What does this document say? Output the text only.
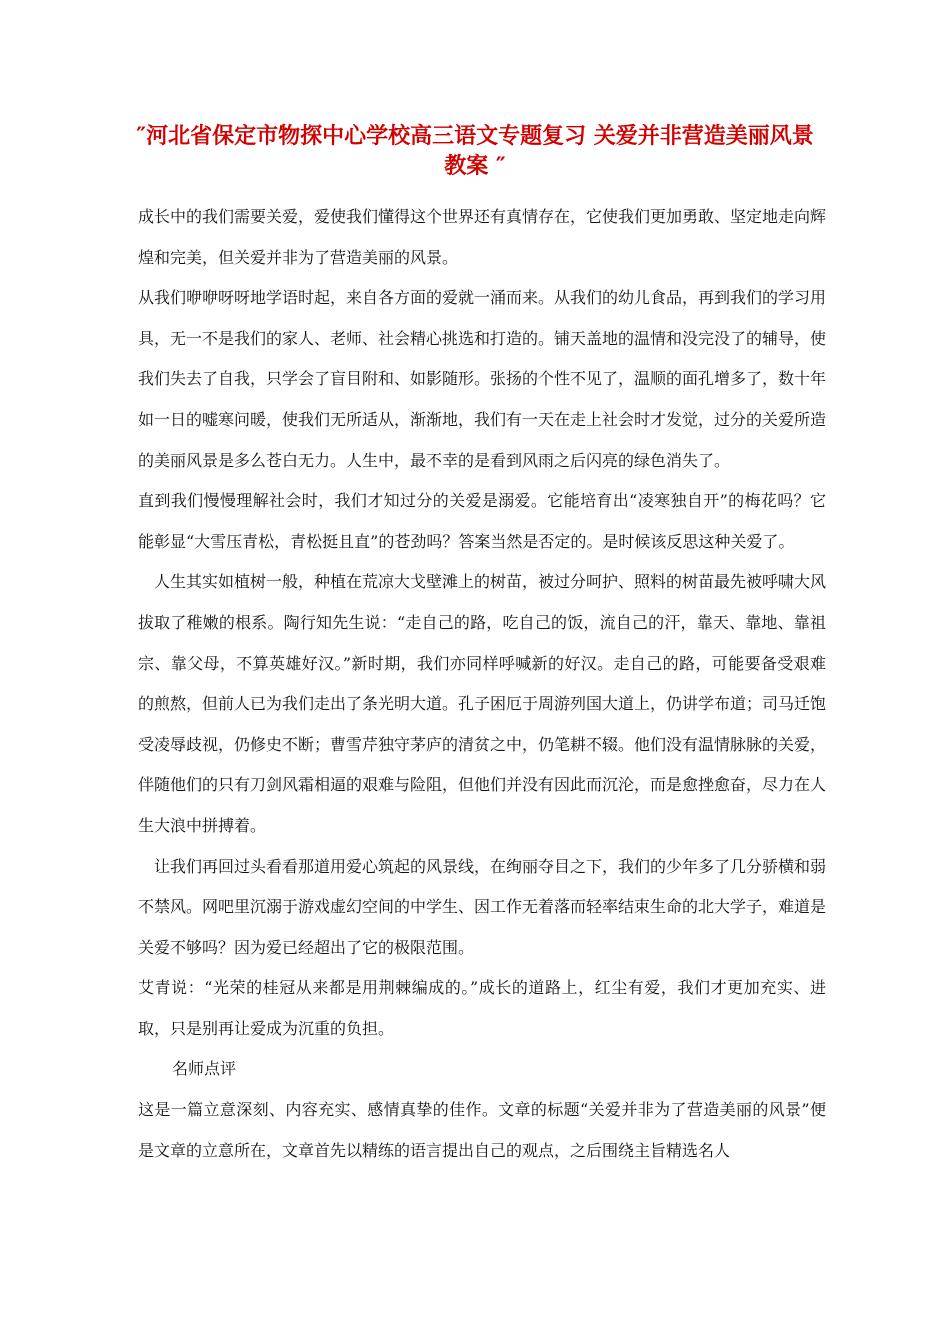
″河北省保定市物探中心学校高三语文专题复习 关爱并非营造美丽风景教案 ″

成长中的我们需要关爱，爱使我们懂得这个世界还有真情存在，它使我们更加勇敢、坚定地走向辉煌和完美，但关爱并非为了营造美丽的风景。

从我们咿咿呀呀地学语时起，来自各方面的爱就一涌而来。从我们的幼儿食品，再到我们的学习用具，无一不是我们的家人、老师、社会精心挑选和打造的。铺天盖地的温情和没完没了的辅导，使我们失去了自我，只学会了盲目附和、如影随形。张扬的个性不见了，温顺的面孔增多了，数十年如一日的嘘寒问暖，使我们无所适从，渐渐地，我们有一天在走上社会时才发觉，过分的关爱所造的美丽风景是多么苍白无力。人生中，最不幸的是看到风雨之后闪亮的绿色消失了。

直到我们慢慢理解社会时，我们才知过分的关爱是溺爱。它能培育出“凌寒独自开”的梅花吗？它能彰显“大雪压青松，青松挺且直”的苍劲吗？答案当然是否定的。是时候该反思这种关爱了。

人生其实如植树一般，种植在荒凉大戈壁滩上的树苗，被过分呵护、照料的树苗最先被呼啸大风拔取了稚嫩的根系。陶行知先生说：“走自己的路，吃自己的饭，流自己的汗，靠天、靠地、靠祖宗、靠父母，不算英雄好汉。”新时期，我们亦同样呼喊新的好汉。走自己的路，可能要备受艰难的煎熬，但前人已为我们走出了条光明大道。孔子困厄于周游列国大道上，仍讲学布道；司马迁饱受凌辱歧视，仍修史不断；曹雪芹独守茅庐的清贫之中，仍笔耕不辍。他们没有温情脉脉的关爱，伴随他们的只有刀剑风霜相逼的艰难与险阻，但他们并没有因此而沉沦，而是愈挫愈奋，尽力在人生大浪中拼搏着。

让我们再回过头看看那道用爱心筑起的风景线，在绚丽夺目之下，我们的少年多了几分骄横和弱不禁风。网吧里沉溺于游戏虚幻空间的中学生、因工作无着落而轻率结束生命的北大学子，难道是关爱不够吗？因为爱已经超出了它的极限范围。

艾青说：“光荣的桂冠从来都是用荆棘编成的。”成长的道路上，红尘有爱，我们才更加充实、进取，只是别再让爱成为沉重的负担。

名师点评

这是一篇立意深刻、内容充实、感情真挚的佳作。文章的标题“关爱并非为了营造美丽的风景”便是文章的立意所在，文章首先以精练的语言提出自己的观点，之后围绕主旨精选名人
